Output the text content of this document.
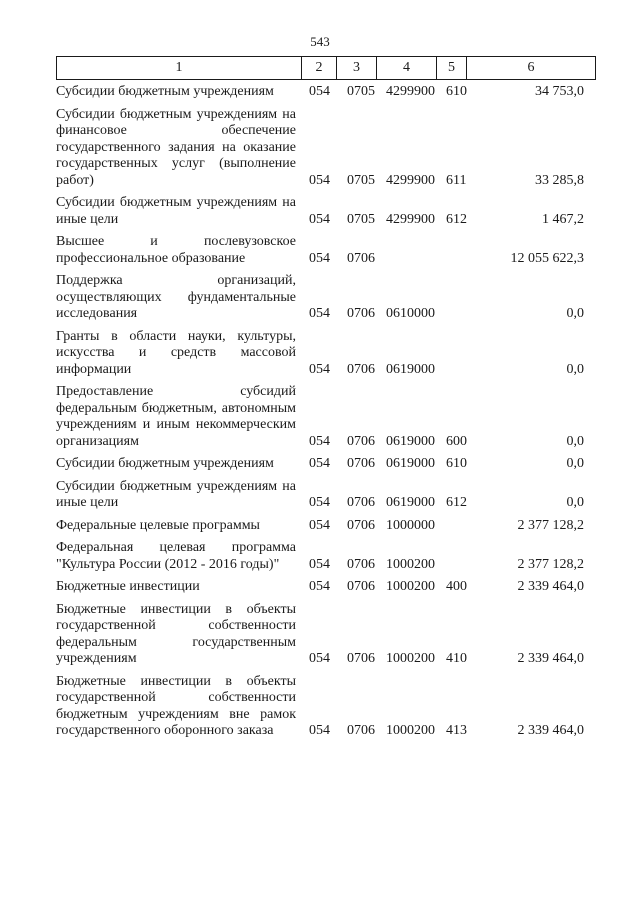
543
1	2	3	4	5	6
Субсидии бюджетным учреждениям	054 0705 4299900 610	34 753,0
Субсидии бюджетным учреждениям на финансовое обеспечение государственного задания на оказание государственных услуг (выполнение работ)	054 0705 4299900 611	33 285,8
Субсидии бюджетным учреждениям на иные цели	054 0705 4299900 612	1 467,2
Высшее и послевузовское профессиональное образование	054 0706	12 055 622,3
Поддержка организаций, осуществляющих фундаментальные исследования	054 0706 0610000	0,0
Гранты в области науки, культуры, искусства и средств массовой информации	054 0706 0619000	0,0
Предоставление субсидий федеральным бюджетным, автономным учреждениям и иным некоммерческим организациям	054 0706 0619000 600	0,0
Субсидии бюджетным учреждениям	054 0706 0619000 610	0,0
Субсидии бюджетным учреждениям на иные цели	054 0706 0619000 612	0,0
Федеральные целевые программы	054 0706 1000000	2 377 128,2
Федеральная целевая программа "Культура России (2012 - 2016 годы)"	054 0706 1000200	2 377 128,2
Бюджетные инвестиции	054 0706 1000200 400	2 339 464,0
Бюджетные инвестиции в объекты государственной собственности федеральным государственным учреждениям	054 0706 1000200 410	2 339 464,0
Бюджетные инвестиции в объекты государственной собственности бюджетным учреждениям вне рамок государственного оборонного заказа	054 0706 1000200 413	2 339 464,0
